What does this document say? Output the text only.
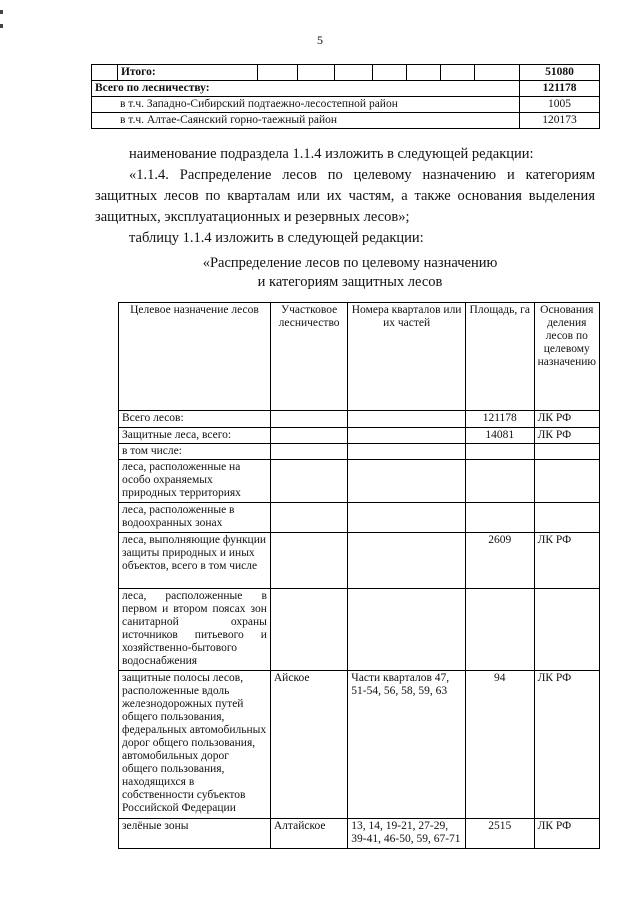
5
	Итого:								51080
Всего по лесничеству:									121178
в т.ч. Западно-Сибирский подтаежно-лесостепной район									1005
в т.ч. Алтае-Саянский горно-таежный район									120173

наименование подраздела 1.1.4 изложить в следующей редакции:

«1.1.4. Распределение лесов по целевому назначению и категориям защитных лесов по кварталам или их частям, а также основания выделения защитных, эксплуатационных и резервных лесов»;

таблицу 1.1.4 изложить в следующей редакции:

«Распределение лесов по целевому назначению

и категориям защитных лесов

Целевое назначение лесов	Участковое лесничество	Номера кварталов или их частей	Площадь, га	Основания деления лесов по целевому назначению
Всего лесов:			121178	ЛК РФ
Защитные леса, всего:			14081	ЛК РФ
в том числе:				
леса, расположенные на особо охраняемых природных территориях				
леса, расположенные в водоохранных зонах				
леса, выполняющие функции защиты природных и иных объектов, всего в том числе			2609	ЛК РФ
леса, расположенные в первом и втором поясах зон санитарной охраны источников питьевого и хозяйственно-бытового водоснабжения				
защитные полосы лесов, расположенные вдоль железнодорожных путей общего пользования, федеральных автомобильных дорог общего пользования, автомобильных дорог общего пользования, находящихся в собственности субъектов Российской Федерации	Айское	Части кварталов 47, 51-54, 56, 58, 59, 63	94	ЛК РФ
зелёные зоны	Алтайское	13, 14, 19-21, 27-29, 39-41, 46-50, 59, 67-71	2515	ЛК РФ
